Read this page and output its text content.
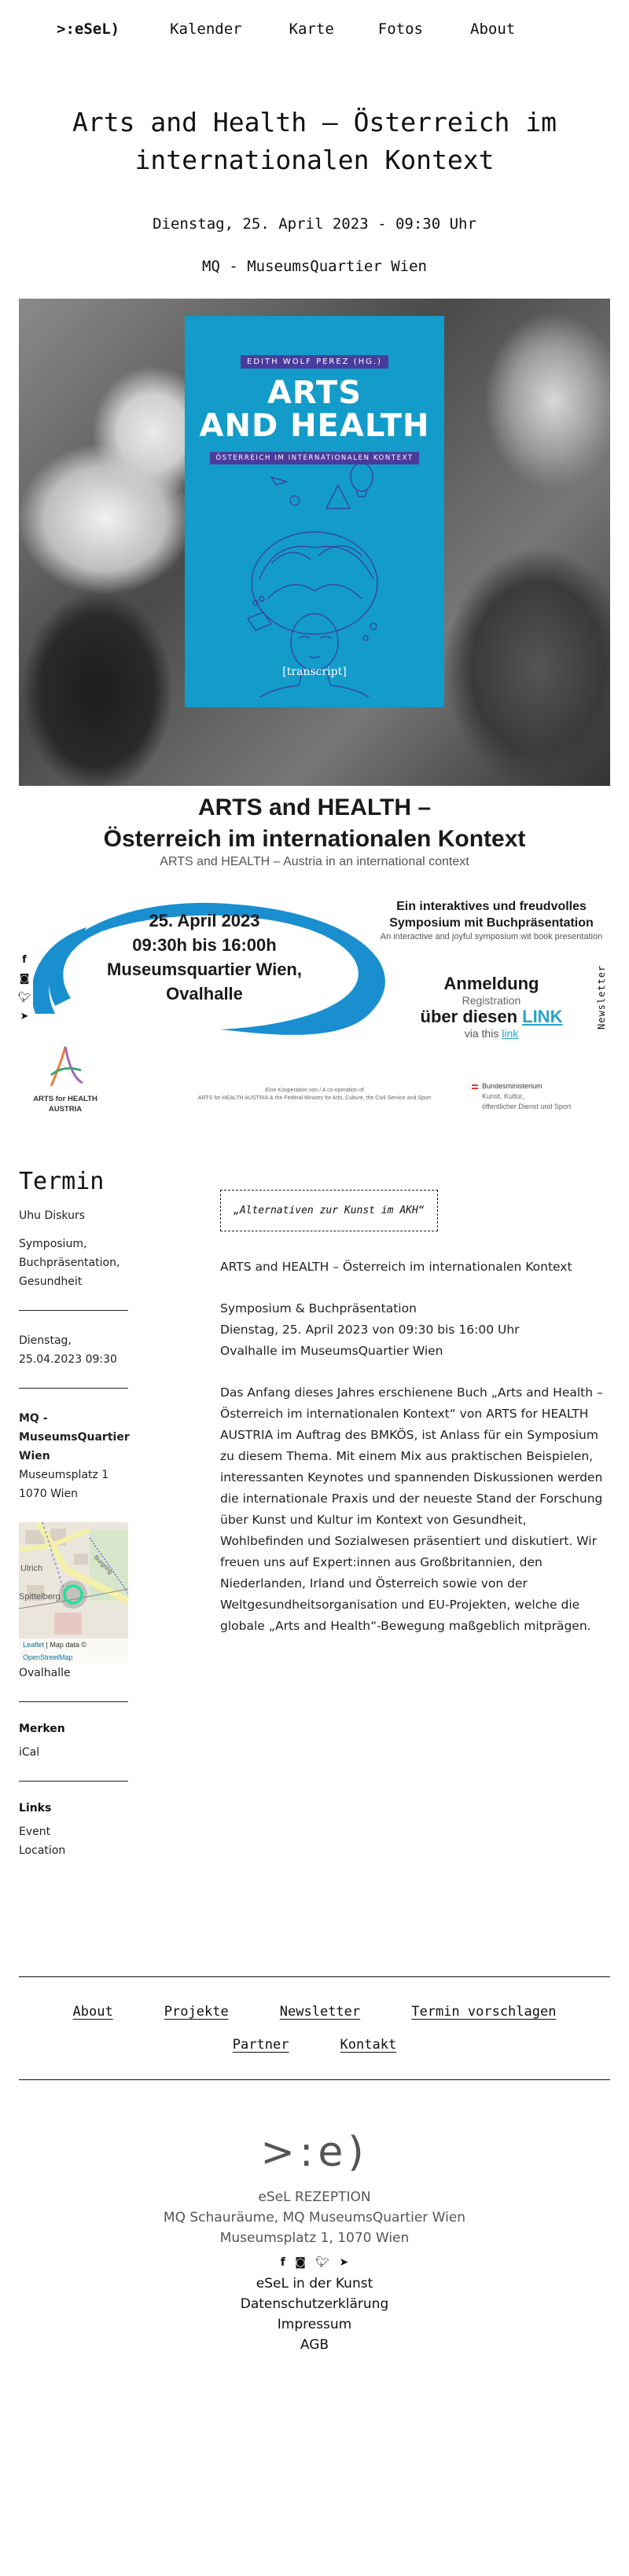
>:eSeL)	Kalender	Karte	Fotos	About
Arts and Health – Österreich im internationalen Kontext
Dienstag, 25. April 2023 - 09:30 Uhr
MQ - MuseumsQuartier Wien
EDITH WOLF PEREZ (HG.)
ARTS
AND HEALTH
ÖSTERREICH IM INTERNATIONALEN KONTEXT
[transcript]
ARTS and HEALTH –
Österreich im internationalen Kontext
ARTS and HEALTH – Austria in an international context
25. April 2023
09:30h bis 16:00h
Museumsquartier Wien,
Ovalhalle
Ein interaktives und freudvolles Symposium mit Buchpräsentation
An interactive and joyful symposium wit book presentation
Anmeldung
Registration
über diesen LINK
via this link
ARTS for HEALTH AUSTRIA
Eine Kooperation von / A co-operation of
ARTS for HEALTH AUSTRIA & the Federal Ministry for Arts, Culture, the Civil Service and Sport
Bundesministerium
Kunst, Kultur,
öffentlicher Dienst und Sport
f
◙
🐦︎
➤	Newsletter
Termin
Uhu Diskurs
Symposium, Buchpräsentation, Gesundheit
Dienstag, 25.04.2023 09:30
MQ - MuseumsQuartier Wien
Museumsplatz 1
1070 Wien
Ulrich
Spittelberg
Burgring
Leaflet | Map data ©
OpenStreetMap
Ovalhalle
Merken
iCal
Links
Event
Location
„Alternativen zur Kunst im AKH“

ARTS and HEALTH – Österreich im internationalen Kontext

Symposium & Buchpräsentation
Dienstag, 25. April 2023 von 09:30 bis 16:00 Uhr
Ovalhalle im MuseumsQuartier Wien

Das Anfang dieses Jahres erschienene Buch „Arts and Health – Österreich im internationalen Kontext“ von ARTS for HEALTH AUSTRIA im Auftrag des BMKÖS, ist Anlass für ein Symposium zu diesem Thema. Mit einem Mix aus praktischen Beispielen, interessanten Keynotes und spannenden Diskussionen werden die internationale Praxis und der neueste Stand der Forschung über Kunst und Kultur im Kontext von Gesundheit, Wohlbefinden und Sozialwesen präsentiert und diskutiert. Wir freuen uns auf Expert:innen aus Großbritannien, den Niederlanden, Irland und Österreich sowie von der Weltgesundheitsorganisation und EU-Projekten, welche die globale „Arts and Health“-Bewegung maßgeblich mitprägen.

About	Projekte	Newsletter	Termin vorschlagen
Partner	Kontakt
>:e)
eSeL REZEPTION
MQ Schauräume, MQ MuseumsQuartier Wien
Museumsplatz 1, 1070 Wien
f ◙ 🐦︎ ➤
eSeL in der Kunst
Datenschutzerklärung
Impressum
AGB
